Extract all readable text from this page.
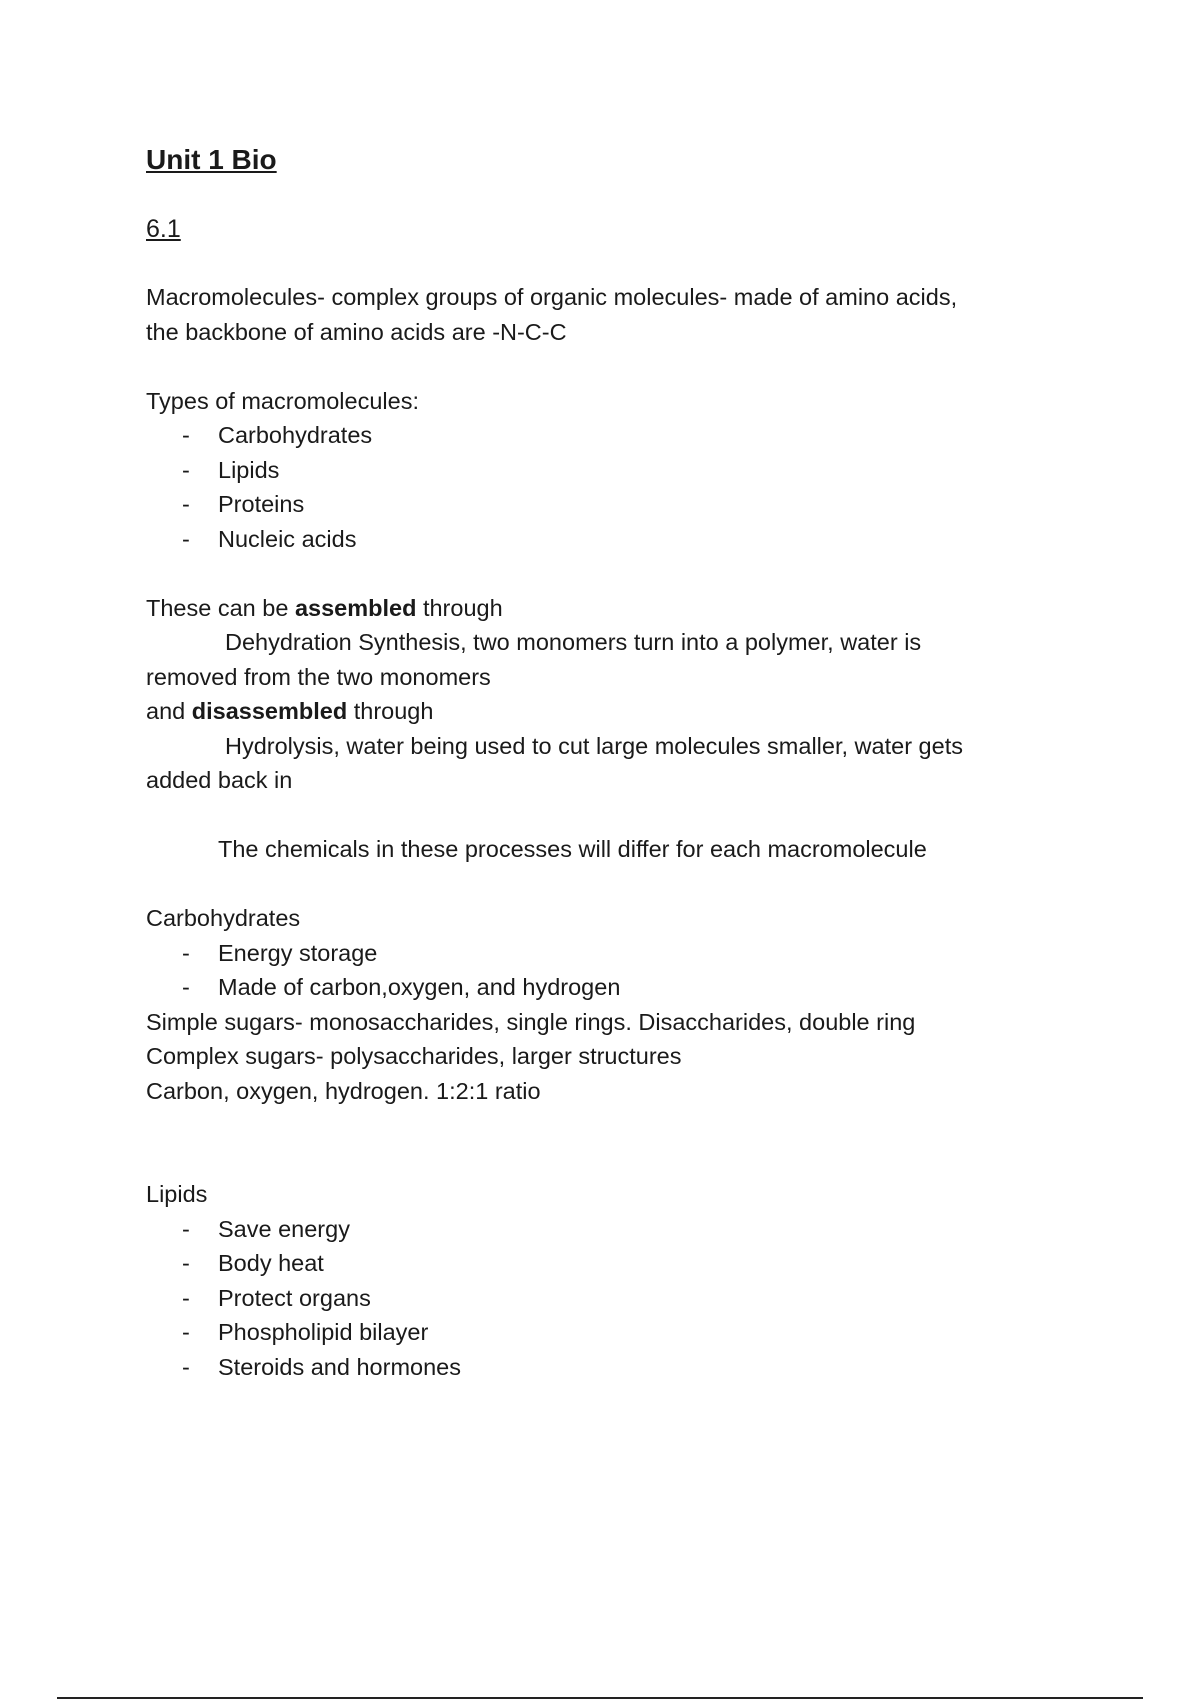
Unit 1 Bio
6.1

Macromolecules- complex groups of organic molecules- made of amino acids,

the backbone of amino acids are -N-C-C

Types of macromolecules:

- Carbohydrates
- Lipids
- Proteins
- Nucleic acids

These can be assembled through

Dehydration Synthesis, two monomers turn into a polymer, water is

removed from the two monomers

and disassembled through

Hydrolysis, water being used to cut large molecules smaller, water gets

added back in

The chemicals in these processes will differ for each macromolecule

Carbohydrates

- Energy storage
- Made of carbon,oxygen, and hydrogen

Simple sugars- monosaccharides, single rings. Disaccharides, double ring

Complex sugars- polysaccharides, larger structures

Carbon, oxygen, hydrogen. 1:2:1 ratio

Lipids

- Save energy
- Body heat
- Protect organs
- Phospholipid bilayer
- Steroids and hormones
